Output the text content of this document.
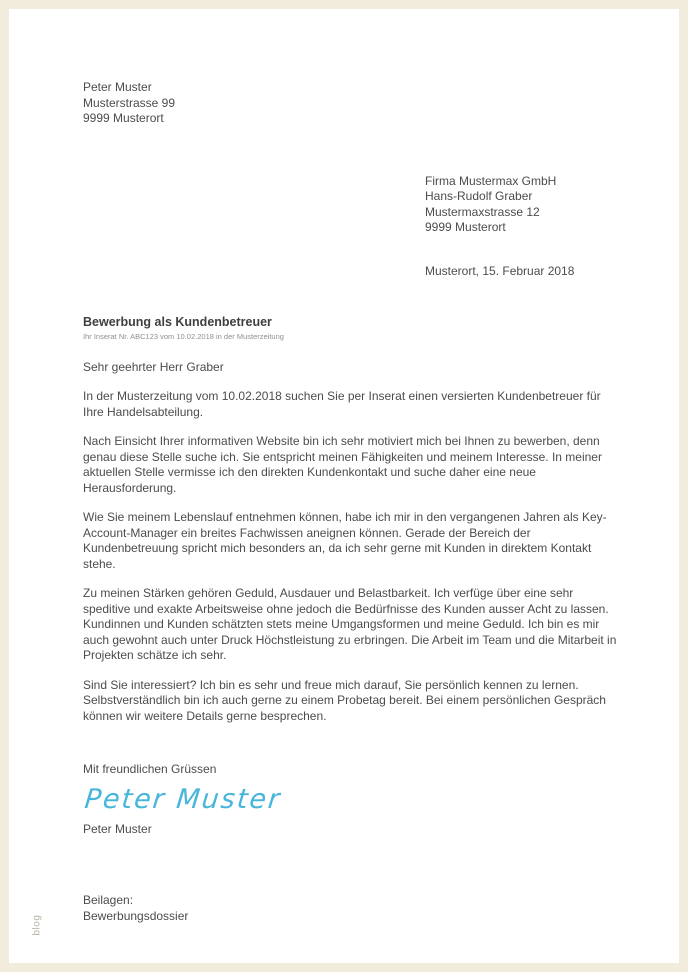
Peter Muster
Musterstrasse 99
9999 Musterort
Firma Mustermax GmbH
Hans-Rudolf Graber
Mustermaxstrasse 12
9999 Musterort
Musterort, 15. Februar 2018
Bewerbung als Kundenbetreuer
Ihr Inserat Nr. ABC123 vom 10.02.2018 in der Musterzeitung
Sehr geehrter Herr Graber

In der Musterzeitung vom 10.02.2018 suchen Sie per Inserat einen versierten Kundenbetreuer für Ihre Handelsabteilung.

Nach Einsicht Ihrer informativen Website bin ich sehr motiviert mich bei Ihnen zu bewerben, denn genau diese Stelle suche ich. Sie entspricht meinen Fähigkeiten und meinem Interesse. In meiner aktuellen Stelle vermisse ich den direkten Kundenkontakt und suche daher eine neue Herausforderung.

Wie Sie meinem Lebenslauf entnehmen können, habe ich mir in den vergangenen Jahren als Key-Account-Manager ein breites Fachwissen aneignen können. Gerade der Bereich der Kundenbetreuung spricht mich besonders an, da ich sehr gerne mit Kunden in direktem Kontakt stehe.

Zu meinen Stärken gehören Geduld, Ausdauer und Belastbarkeit. Ich verfüge über eine sehr speditive und exakte Arbeitsweise ohne jedoch die Bedürfnisse des Kunden ausser Acht zu lassen. Kundinnen und Kunden schätzten stets meine Umgangsformen und meine Geduld. Ich bin es mir auch gewohnt auch unter Druck Höchstleistung zu erbringen. Die Arbeit im Team und die Mitarbeit in Projekten schätze ich sehr.

Sind Sie interessiert? Ich bin es sehr und freue mich darauf, Sie persönlich kennen zu lernen. Selbstverständlich bin ich auch gerne zu einem Probetag bereit. Bei einem persönlichen Gespräch können wir weitere Details gerne besprechen.

Mit freundlichen Grüssen
Peter Muster
Peter Muster
Beilagen:
Bewerbungsdossier
blog
